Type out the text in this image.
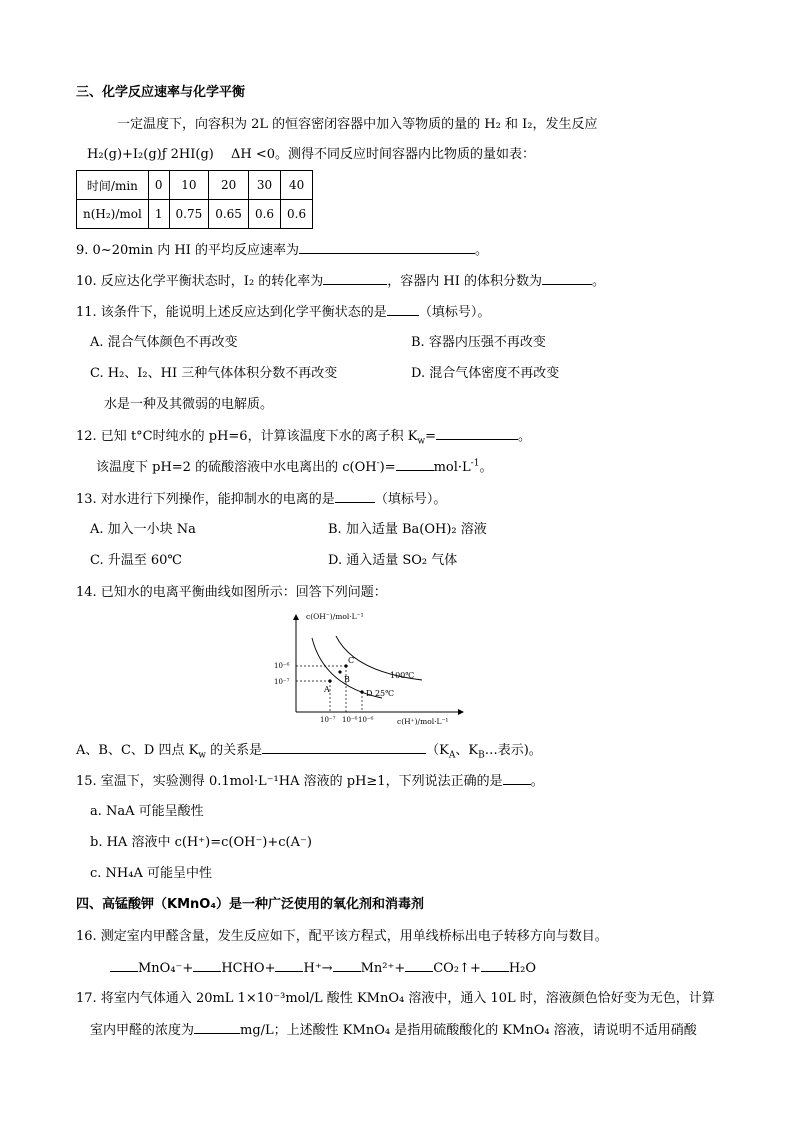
三、化学反应速率与化学平衡
一定温度下，向容积为 2L 的恒容密闭容器中加入等物质的量的 H₂ 和 I₂，发生反应
H₂(g)+I₂(g)ƒ 2HI(g)　 ΔH <0。测得不同反应时间容器内比物质的量如表：
时间/min	0	10	20	30	40
n(H₂)/mol	1	0.75	0.65	0.6	0.6
9. 0~20min 内 HI 的平均反应速率为	。
10. 反应达化学平衡状态时，I₂ 的转化率为	，容器内 HI 的体积分数为	。
11. 该条件下，能说明上述反应达到化学平衡状态的是 （填标号）。
A. 混合气体颜色不再改变	B. 容器内压强不再改变
C. H₂、I₂、HI 三种气体体积分数不再改变	D. 混合气体密度不再改变
水是一种及其微弱的电解质。
12. 已知 t°C时纯水的 pH=6，计算该温度下水的离子积 $K_w=$	。
该温度下 pH=2 的硫酸溶液中水电离出的 c(OH-)=	$mol\cdot L^{-1}$。
13. 对水进行下列操作，能抑制水的电离的是	（填标号）。
A. 加入一小块 Na	B. 加入适量 Ba(OH)₂ 溶液
C. 升温至 60℃	D. 通入适量 SO₂ 气体
14. 已知水的电离平衡曲线如图所示：回答下列问题：
c(OH⁻)/mol·L⁻¹
c(H⁺)/mol·L⁻¹
10⁻⁶
10⁻⁷
10⁻⁷ 10⁻⁶ 10⁻⁶
A
B
C
D 25℃
100℃
A、B、C、D 四点 $K_w$ 的关系是	（$K_A$、$K_B\dots$表示)。
15. 室温下，实验测得 0.1mol·L⁻¹HA 溶液的 pH≥1，下列说法正确的是 。
a. NaA 可能呈酸性
b. HA 溶液中 c(H⁺)=c(OH⁻)+c(A⁻)
c. NH₄A 可能呈中性
四、高锰酸钾（KMnO₄）是一种广泛使用的氧化剂和消毒剂
16. 测定室内甲醛含量，发生反应如下，配平该方程式，用单线桥标出电子转移方向与数目。
MnO₄⁻+ HCHO+ H⁺→ Mn²⁺+ CO₂↑+ H₂O
17. 将室内气体通入 20mL 1×10⁻³mol/L 酸性 KMnO₄ 溶液中，通入 10L 时，溶液颜色恰好变为无色，计算
室内甲醛的浓度为	mg/L；上述酸性 KMnO₄ 是指用硫酸酸化的 KMnO₄ 溶液，请说明不适用硝酸
